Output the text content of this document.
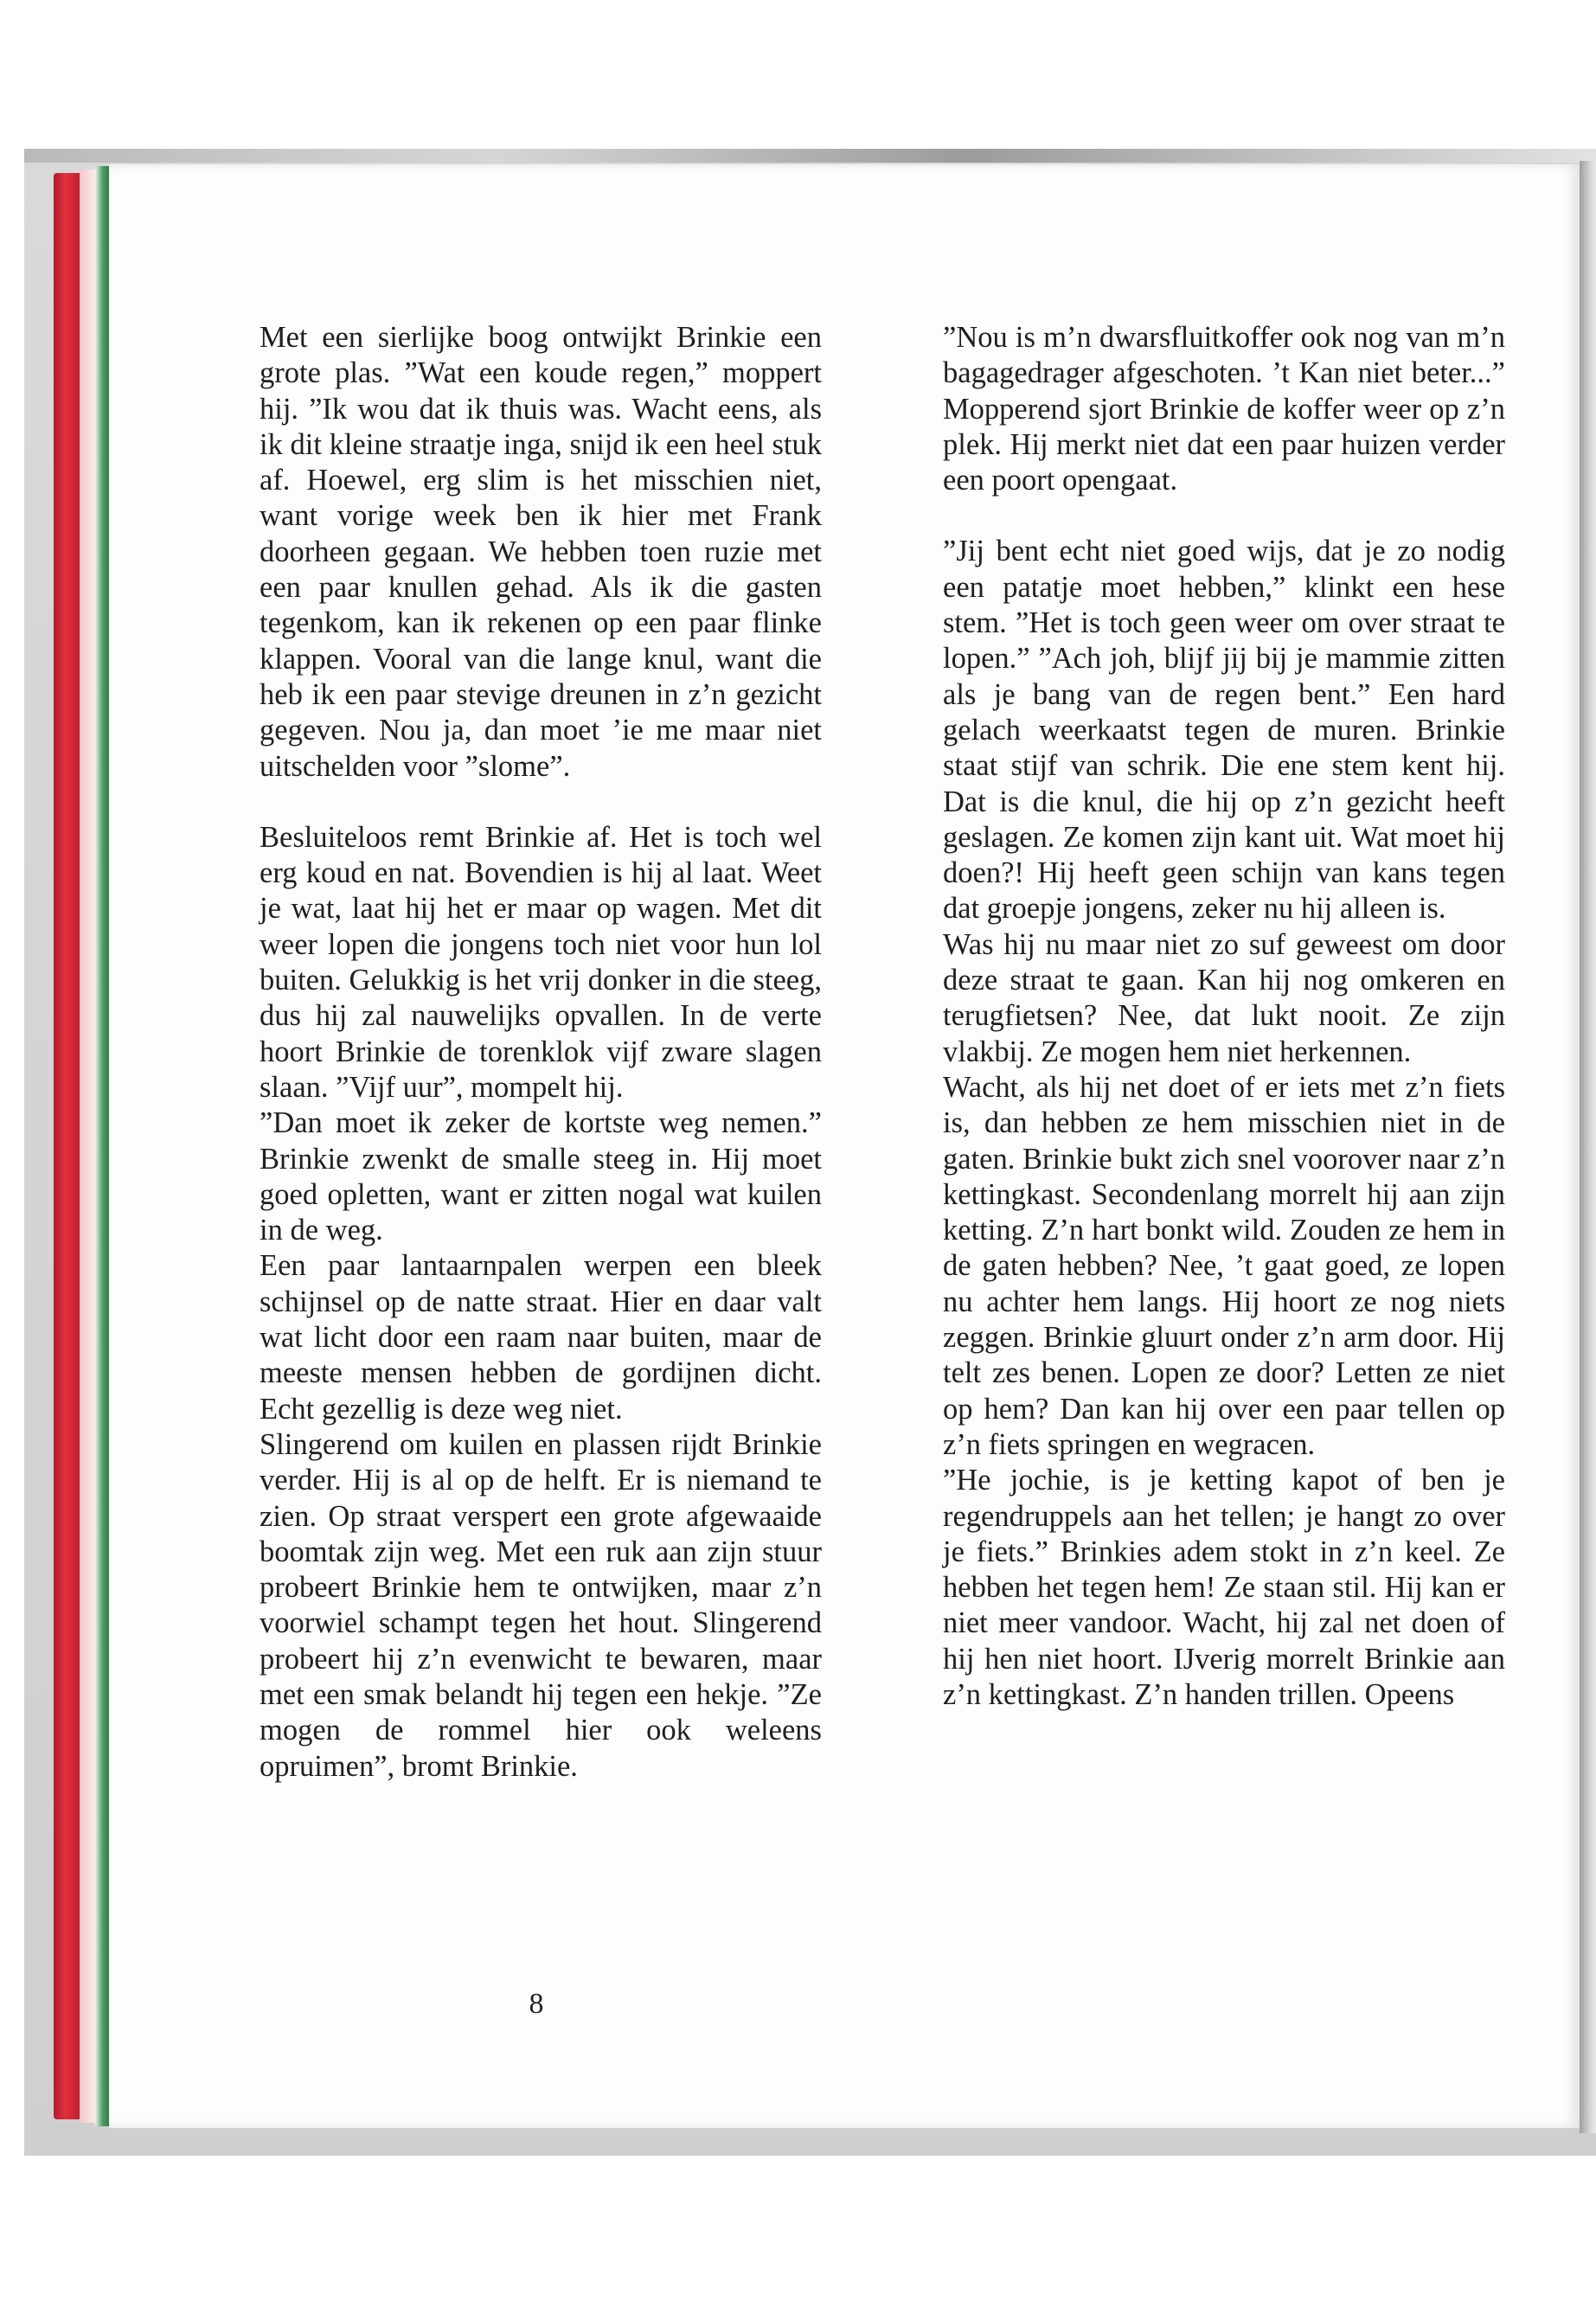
Met een sierlijke boog ontwijkt Brinkie een grote plas. ”Wat een koude regen,” moppert hij. ”Ik wou dat ik thuis was. Wacht eens, als ik dit kleine straatje inga, snijd ik een heel stuk af. Hoewel, erg slim is het misschien niet, want vorige week ben ik hier met Frank doorheen gegaan. We hebben toen ruzie met een paar knullen gehad. Als ik die gasten tegenkom, kan ik rekenen op een paar flinke klappen. Vooral van die lange knul, want die heb ik een paar stevige dreunen in z’n gezicht gegeven. Nou ja, dan moet ’ie me maar niet uitschelden voor ”slome”.

Besluiteloos remt Brinkie af. Het is toch wel erg koud en nat. Bovendien is hij al laat. Weet je wat, laat hij het er maar op wagen. Met dit weer lopen die jongens toch niet voor hun lol buiten. Gelukkig is het vrij donker in die steeg, dus hij zal nauwelijks opvallen. In de verte hoort Brinkie de torenklok vijf zware slagen slaan. ”Vijf uur”, mompelt hij.

”Dan moet ik zeker de kortste weg nemen.” Brinkie zwenkt de smalle steeg in. Hij moet goed opletten, want er zitten nogal wat kuilen in de weg.

Een paar lantaarnpalen werpen een bleek schijnsel op de natte straat. Hier en daar valt wat licht door een raam naar buiten, maar de meeste mensen hebben de gordijnen dicht. Echt gezellig is deze weg niet.

Slingerend om kuilen en plassen rijdt Brinkie verder. Hij is al op de helft. Er is niemand te zien. Op straat verspert een grote afgewaaide boomtak zijn weg. Met een ruk aan zijn stuur probeert Brinkie hem te ontwijken, maar z’n voorwiel schampt tegen het hout. Slingerend probeert hij z’n evenwicht te bewaren, maar met een smak belandt hij tegen een hekje. ”Ze mogen de rommel hier ook weleens opruimen”, bromt Brinkie.

”Nou is m’n dwarsfluitkoffer ook nog van m’n bagagedrager afgeschoten. ’t Kan niet beter...” Mopperend sjort Brinkie de koffer weer op z’n plek. Hij merkt niet dat een paar huizen verder een poort opengaat.

”Jij bent echt niet goed wijs, dat je zo nodig een patatje moet hebben,” klinkt een hese stem. ”Het is toch geen weer om over straat te lopen.” ”Ach joh, blijf jij bij je mammie zitten als je bang van de regen bent.” Een hard gelach weerkaatst tegen de muren. Brinkie staat stijf van schrik. Die ene stem kent hij. Dat is die knul, die hij op z’n gezicht heeft geslagen. Ze komen zijn kant uit. Wat moet hij doen?! Hij heeft geen schijn van kans tegen dat groepje jongens, zeker nu hij alleen is.

Was hij nu maar niet zo suf geweest om door deze straat te gaan. Kan hij nog omkeren en terugfietsen? Nee, dat lukt nooit. Ze zijn vlakbij. Ze mogen hem niet herkennen.

Wacht, als hij net doet of er iets met z’n fiets is, dan hebben ze hem misschien niet in de gaten. Brinkie bukt zich snel voorover naar z’n kettingkast. Secondenlang morrelt hij aan zijn ketting. Z’n hart bonkt wild. Zouden ze hem in de gaten hebben? Nee, ’t gaat goed, ze lopen nu achter hem langs. Hij hoort ze nog niets zeggen. Brinkie gluurt onder z’n arm door. Hij telt zes benen. Lopen ze door? Letten ze niet op hem? Dan kan hij over een paar tellen op z’n fiets springen en wegracen.

”He jochie, is je ketting kapot of ben je regendruppels aan het tellen; je hangt zo over je fiets.” Brinkies adem stokt in z’n keel. Ze hebben het tegen hem! Ze staan stil. Hij kan er niet meer vandoor. Wacht, hij zal net doen of hij hen niet hoort. IJverig morrelt Brinkie aan z’n kettingkast. Z’n handen trillen. Opeens

8
